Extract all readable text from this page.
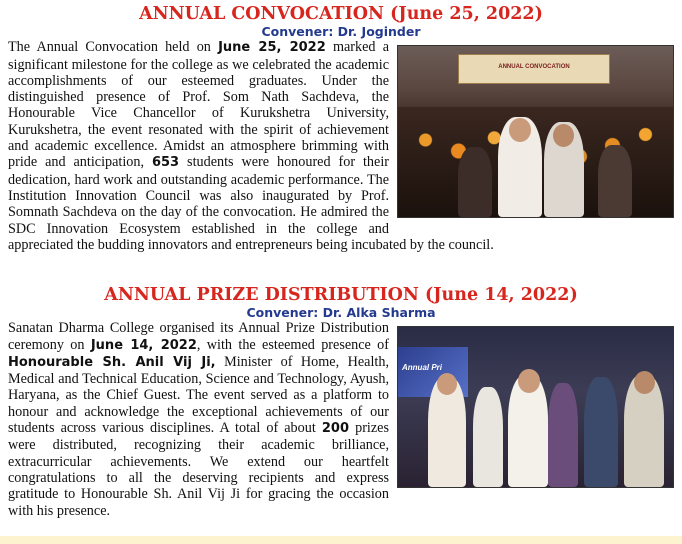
ANNUAL CONVOCATION (June 25, 2022)

Convener: Dr. Joginder

ANNUAL CONVOCATION

The Annual Convocation held on June 25, 2022 marked a significant milestone for the college as we celebrated the academic accomplishments of our esteemed graduates. Under the distinguished presence of Prof. Som Nath Sachdeva, the Honourable Vice Chancellor of Kurukshetra University, Kurukshetra, the event resonated with the spirit of achievement and academic excellence. Amidst an atmosphere brimming with pride and anticipation, 653 students were honoured for their dedication, hard work and outstanding academic performance. The Institution Innovation Council was also inaugurated by Prof. Somnath Sachdeva on the day of the convocation. He admired the SDC Innovation Ecosystem established in the college and appreciated the budding innovators and entrepreneurs being incubated by the council.

ANNUAL PRIZE DISTRIBUTION (June 14, 2022)

Convener: Dr. Alka Sharma

Annual Pri

Sanatan Dharma College organised its Annual Prize Distribution ceremony on June 14, 2022, with the esteemed presence of Honourable Sh. Anil Vij Ji, Minister of Home, Health, Medical and Technical Education, Science and Technology, Ayush, Haryana, as the Chief Guest. The event served as a platform to honour and acknowledge the exceptional achievements of our students across various disciplines. A total of about 200 prizes were distributed, recognizing their academic brilliance, extracurricular achievements. We extend our heartfelt congratulations to all the deserving recipients and express gratitude to Honourable Sh. Anil Vij Ji for gracing the occasion with his presence.
